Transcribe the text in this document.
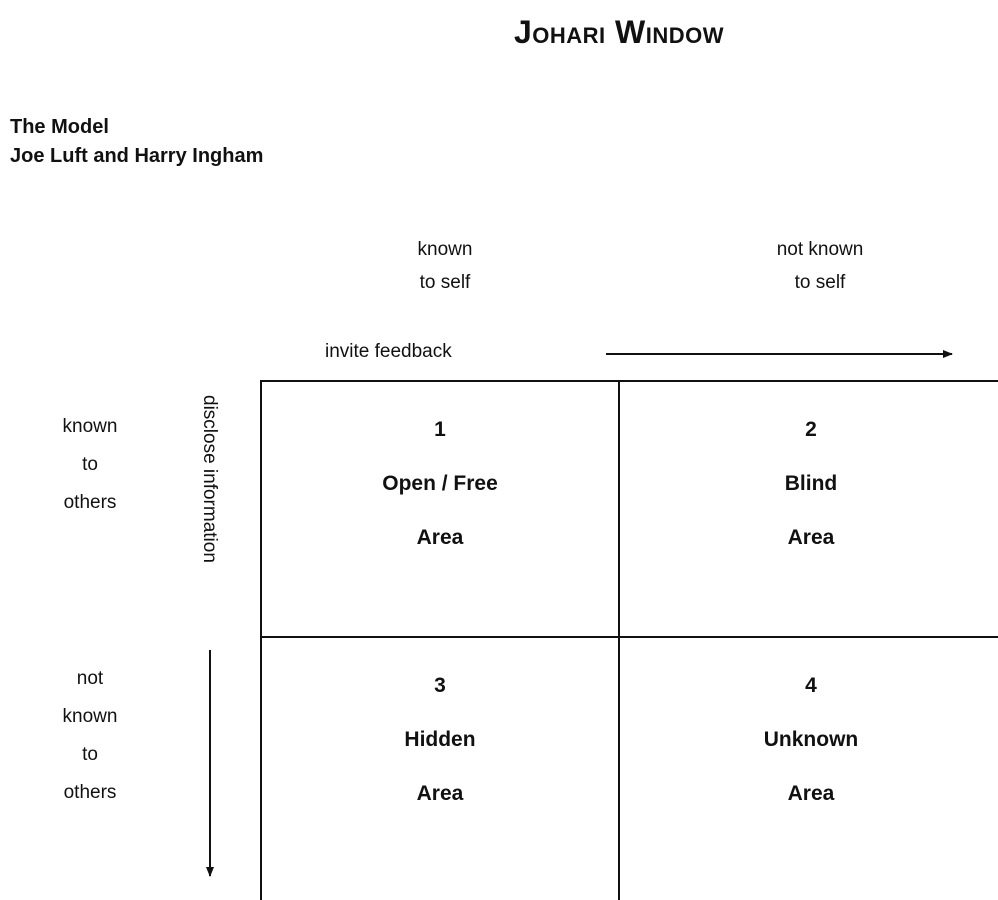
Johari Window
The Model
Joe Luft and Harry Ingham
known
to self
not known
to self
invite feedback
known
to
others
not
known
to
others
disclose information	1
Open / Free
Area
2
Blind
Area
3
Hidden
Area
4
Unknown
Area
